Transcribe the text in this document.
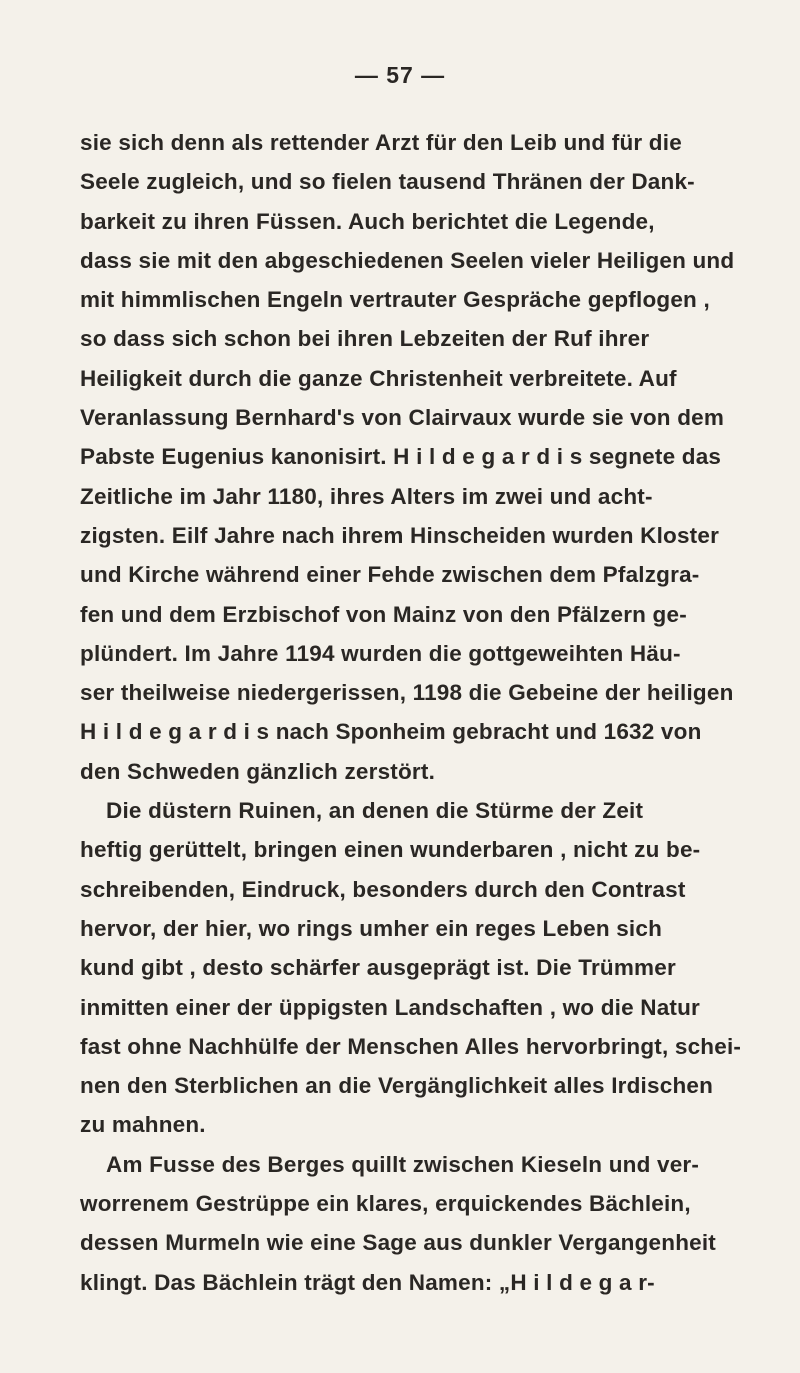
— 57 —
sie sich denn als rettender Arzt für den Leib und für die
Seele zugleich, und so fielen tausend Thränen der Dank-
barkeit zu ihren Füssen. Auch berichtet die Legende,
dass sie mit den abgeschiedenen Seelen vieler Heiligen und
mit himmlischen Engeln vertrauter Gespräche gepflogen ,
so dass sich schon bei ihren Lebzeiten der Ruf ihrer
Heiligkeit durch die ganze Christenheit verbreitete. Auf
Veranlassung Bernhard's von Clairvaux wurde sie von dem
Pabste Eugenius kanonisirt. H i l d e g a r d i s segnete das
Zeitliche im Jahr 1180, ihres Alters im zwei und acht-
zigsten. Eilf Jahre nach ihrem Hinscheiden wurden Kloster
und Kirche während einer Fehde zwischen dem Pfalzgra-
fen und dem Erzbischof von Mainz von den Pfälzern ge-
plündert. Im Jahre 1194 wurden die gottgeweihten Häu-
ser theilweise niedergerissen, 1198 die Gebeine der heiligen
H i l d e g a r d i s nach Sponheim gebracht und 1632 von
den Schweden gänzlich zerstört.
Die düstern Ruinen, an denen die Stürme der Zeit
heftig gerüttelt, bringen einen wunderbaren , nicht zu be-
schreibenden, Eindruck, besonders durch den Contrast
hervor, der hier, wo rings umher ein reges Leben sich
kund gibt , desto schärfer ausgeprägt ist. Die Trümmer
inmitten einer der üppigsten Landschaften , wo die Natur
fast ohne Nachhülfe der Menschen Alles hervorbringt, schei-
nen den Sterblichen an die Vergänglichkeit alles Irdischen
zu mahnen.
Am Fusse des Berges quillt zwischen Kieseln und ver-
worrenem Gestrüppe ein klares, erquickendes Bächlein,
dessen Murmeln wie eine Sage aus dunkler Vergangenheit
klingt. Das Bächlein trägt den Namen: „H i l d e g a r-
